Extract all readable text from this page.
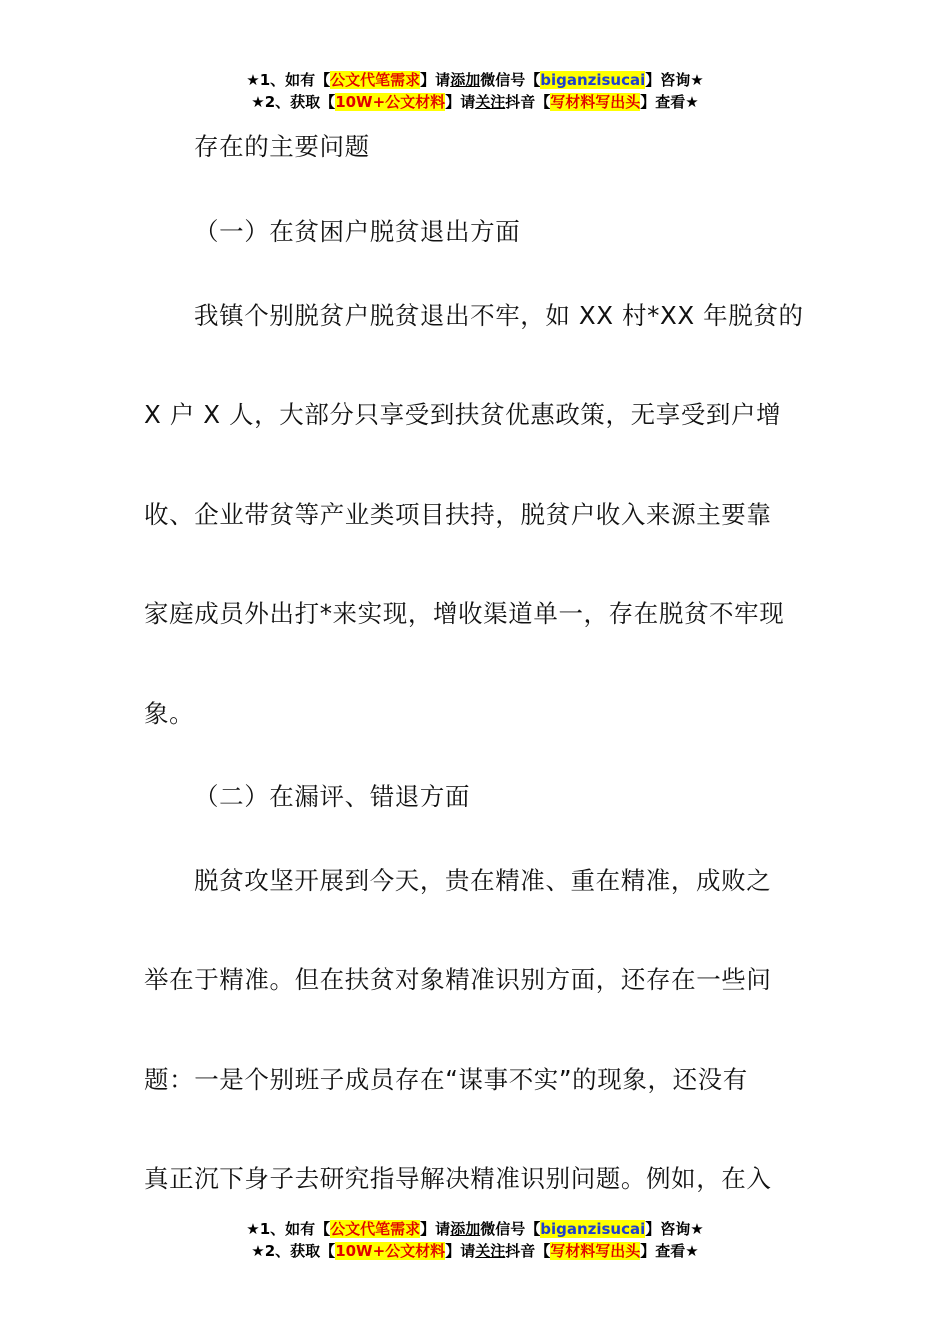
★1、如有【公文代笔需求】请添加微信号【biganzisucai】咨询★
★2、获取【10W+公文材料】请关注抖音【写材料写出头】查看★
存在的主要问题
（一）在贫困户脱贫退出方面
我镇个别脱贫户脱贫退出不牢，如 XX 村*XX 年脱贫的
X 户 X 人，大部分只享受到扶贫优惠政策，无享受到户增
收、企业带贫等产业类项目扶持，脱贫户收入来源主要靠
家庭成员外出打*来实现，增收渠道单一，存在脱贫不牢现
象。
（二）在漏评、错退方面
脱贫攻坚开展到今天，贵在精准、重在精准，成败之
举在于精准。但在扶贫对象精准识别方面，还存在一些问
题：一是个别班子成员存在“谋事不实”的现象，还没有
真正沉下身子去研究指导解决精准识别问题。例如，在入
★1、如有【公文代笔需求】请添加微信号【biganzisucai】咨询★
★2、获取【10W+公文材料】请关注抖音【写材料写出头】查看★
